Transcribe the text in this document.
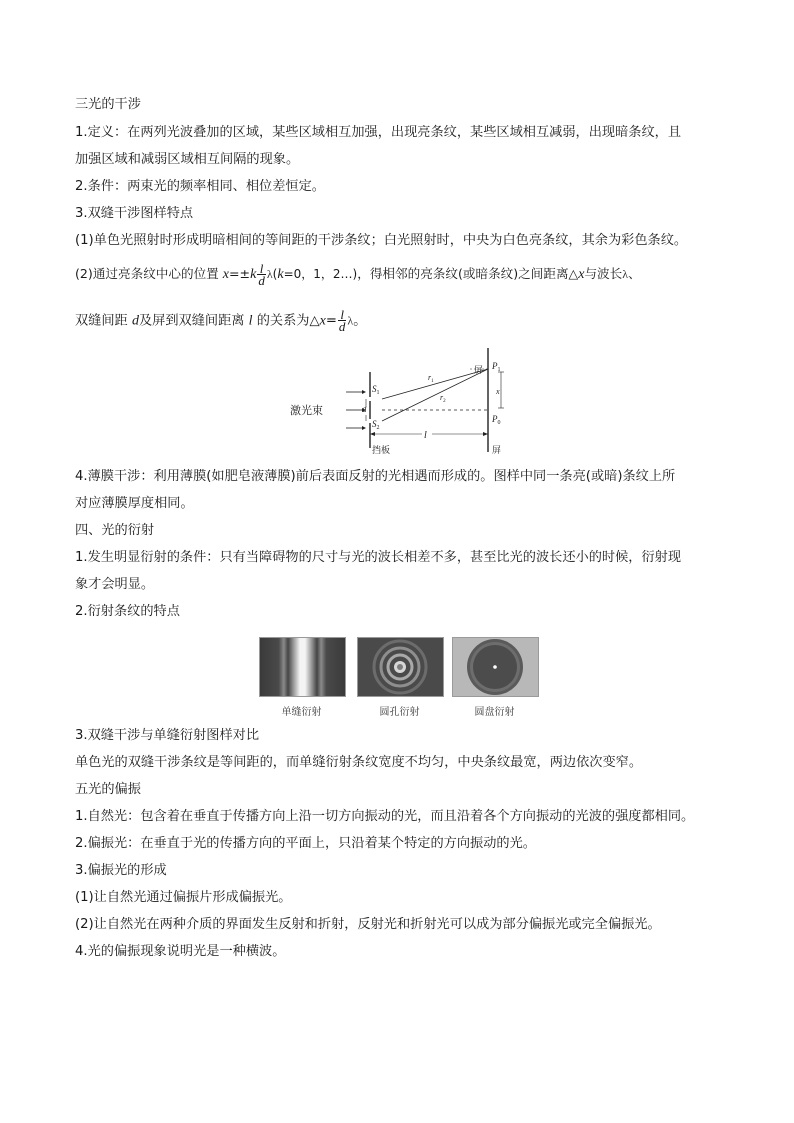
三光的干涉
1.定义：在两列光波叠加的区域，某些区域相互加强，出现亮条纹，某些区域相互减弱，出现暗条纹，且
加强区域和减弱区域相互间隔的现象。
2.条件：两束光的频率相同、相位差恒定。
3.双缝干涉图样特点
(1)单色光照射时形成明暗相间的等间距的干涉条纹；白光照射时，中央为白色亮条纹，其余为彩色条纹。
(2)通过亮条纹中心的位置 $x=\pm k \frac{l}{d} \lambda(k=0$，1，2…)，得相邻的亮条纹(或暗条纹)之间距离△x与波长λ、
双缝间距 d及屏到双缝间距离 l 的关系为△x= $\frac{l}{d}$ λ。
激光束
$S_1$
$S_2$
d
$r_1$
$r_2$
屏
屏
$P_1$
$P_0$
x
l
挡板
4.薄膜干涉：利用薄膜(如肥皂液薄膜)前后表面反射的光相遇而形成的。图样中同一条亮(或暗)条纹上所
对应薄膜厚度相同。
四、光的衍射
1.发生明显衍射的条件：只有当障碍物的尺寸与光的波长相差不多，甚至比光的波长还小的时候，衍射现
象才会明显。
2.衍射条纹的特点
单缝衍射	圆孔衍射	圆盘衍射
3.双缝干涉与单缝衍射图样对比
单色光的双缝干涉条纹是等间距的，而单缝衍射条纹宽度不均匀，中央条纹最宽，两边依次变窄。
五光的偏振
1.自然光：包含着在垂直于传播方向上沿一切方向振动的光，而且沿着各个方向振动的光波的强度都相同。
2.偏振光：在垂直于光的传播方向的平面上，只沿着某个特定的方向振动的光。
3.偏振光的形成
(1)让自然光通过偏振片形成偏振光。
(2)让自然光在两种介质的界面发生反射和折射，反射光和折射光可以成为部分偏振光或完全偏振光。
4.光的偏振现象说明光是一种横波。
